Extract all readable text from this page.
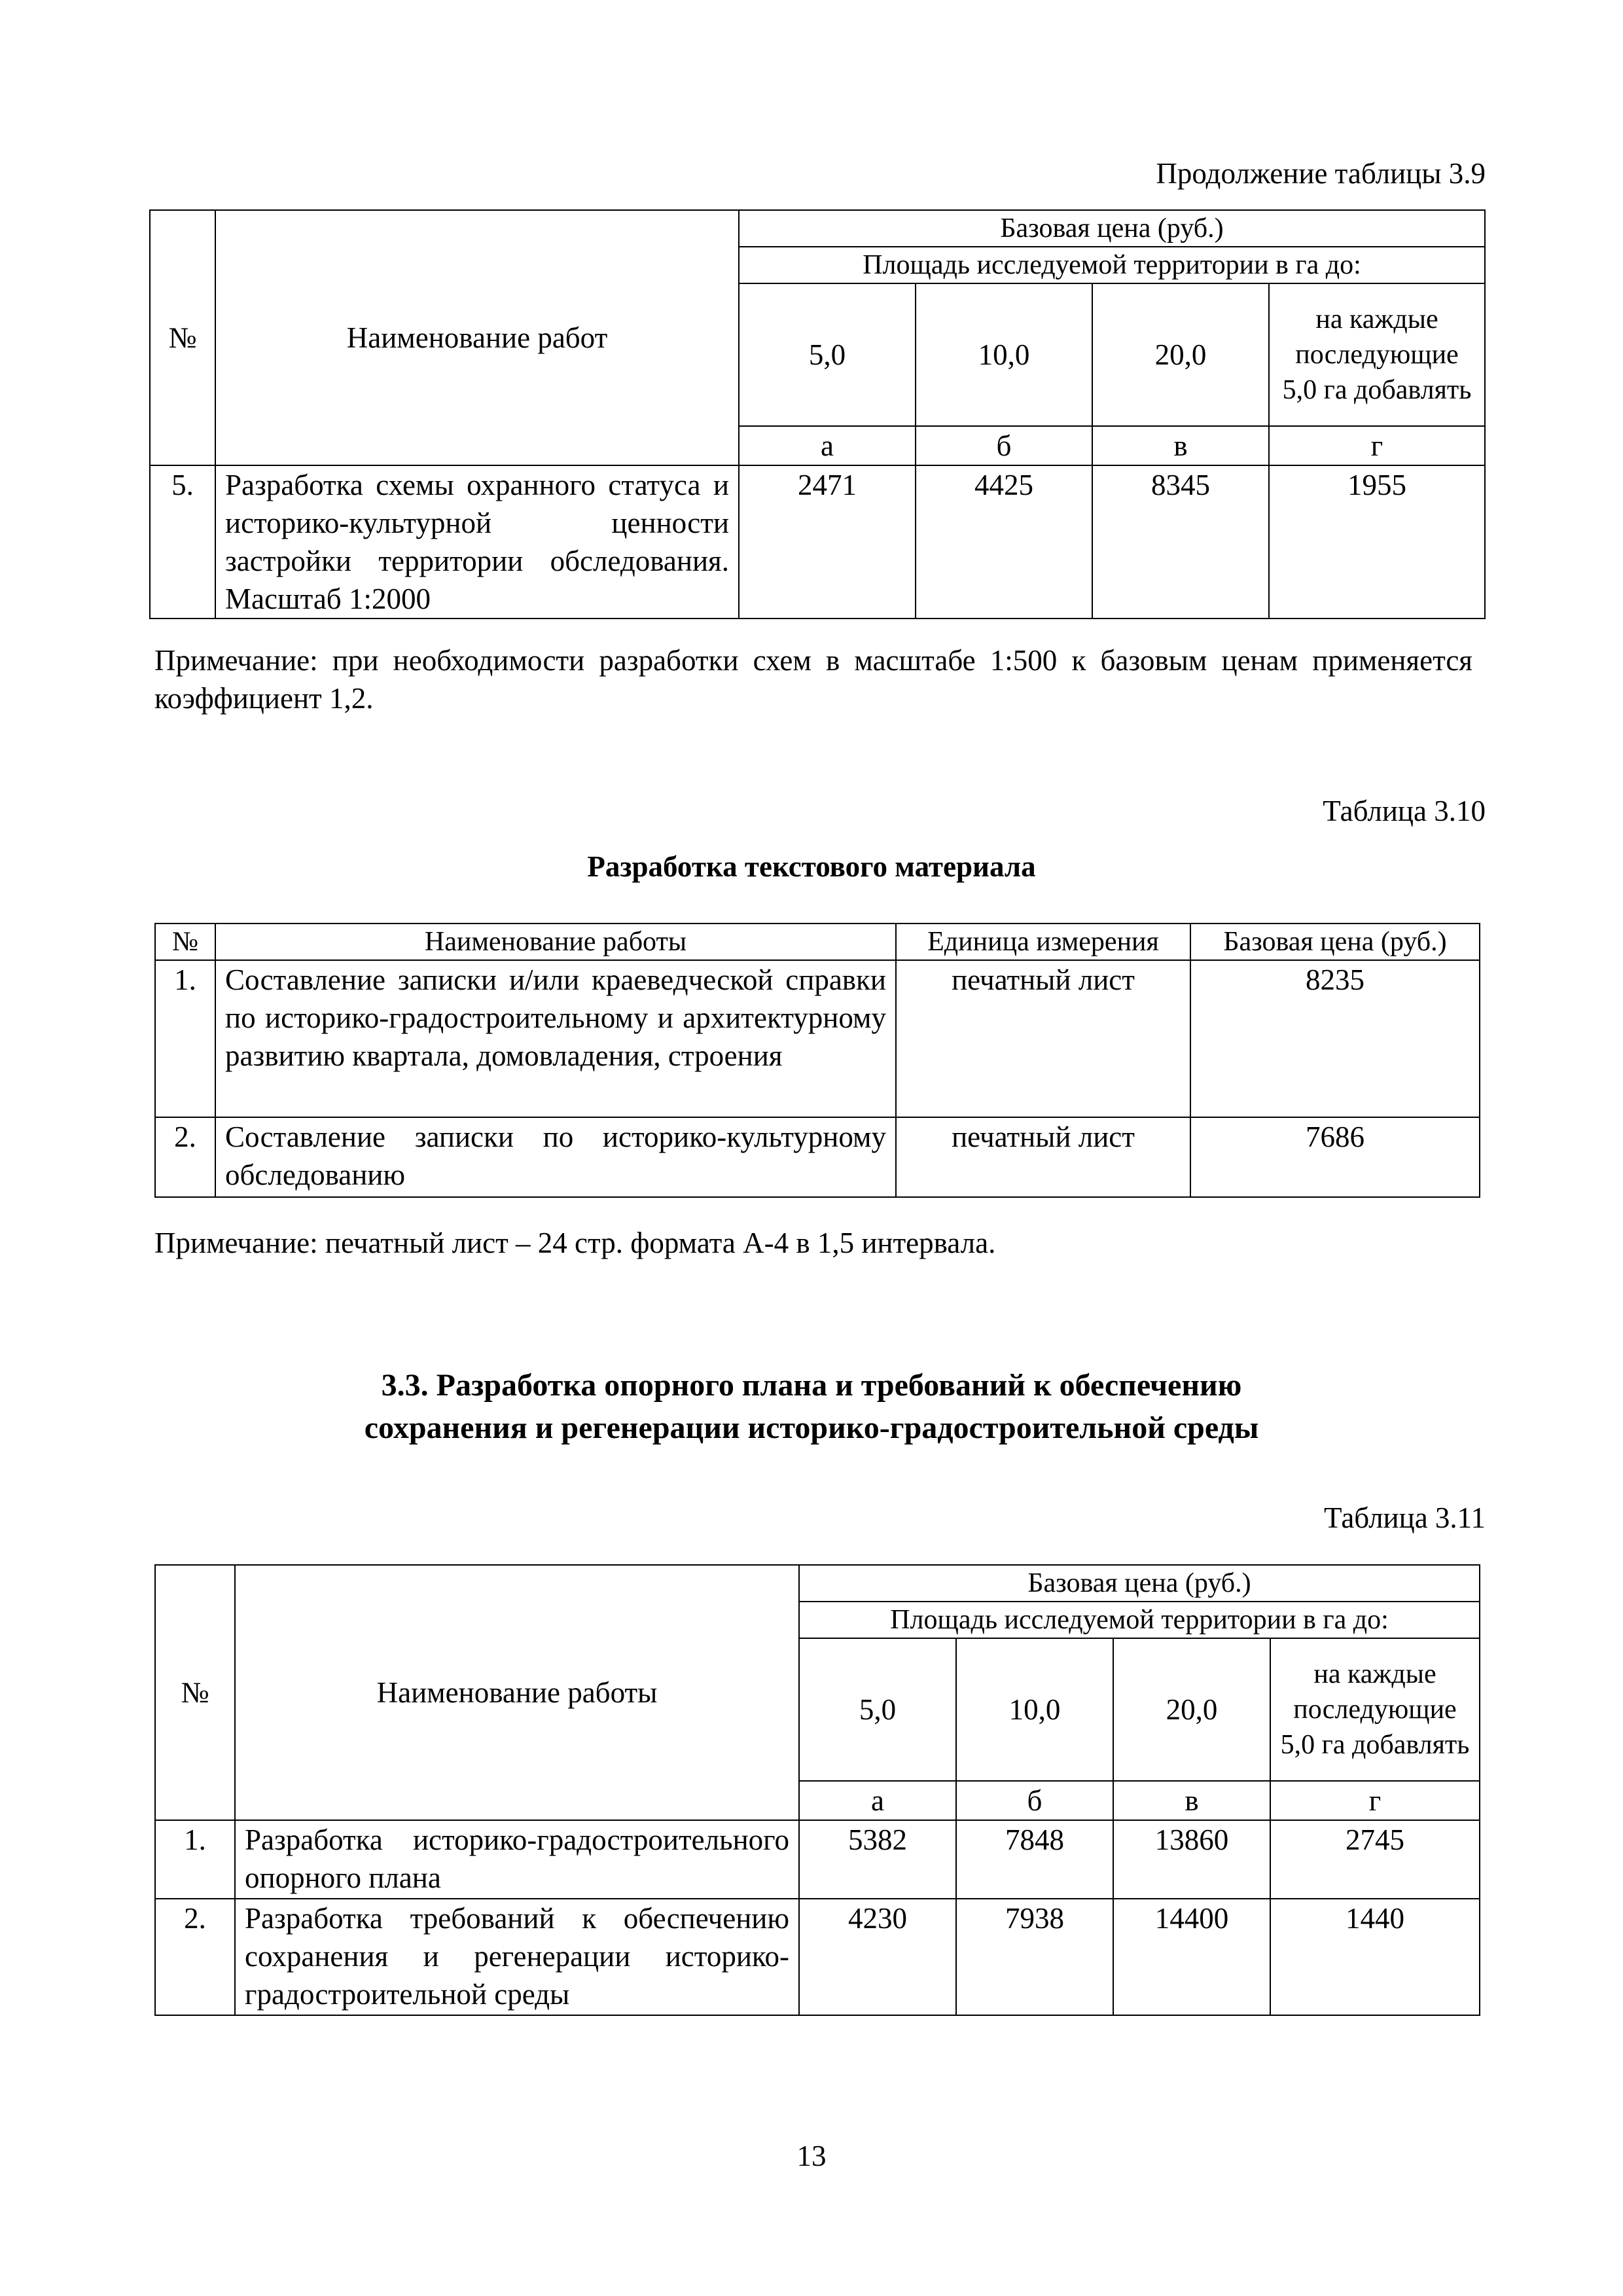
Продолжение таблицы 3.9
№	Наименование работ	Базовая цена (руб.)			
		Площадь исследуемой территории в га до:			
		5,0	10,0	20,0	на каждые последующие 5,0 га добавлять
		а	б	в	г
5.	Разработка схемы охранного статуса и историко-культурной ценности застройки территории обследования. Масштаб 1:2000	2471	4425	8345	1955
Примечание: при необходимости разработки схем в масштабе 1:500 к базовым ценам применяется коэффициент 1,2.
Таблица 3.10
Разработка текстового материала
№	Наименование работы	Единица измерения	Базовая цена (руб.)
1.	Составление записки и/или краеведческой справки по историко-градостроительному и архитектурному развитию квартала, домовладения, строения	печатный лист	8235
2.	Составление записки по историко-культурному обследованию	печатный лист	7686
Примечание: печатный лист – 24 стр. формата А-4 в 1,5 интервала.
3.3. Разработка опорного плана и требований к обеспечению
сохранения и регенерации историко-градостроительной среды
Таблица 3.11
№	Наименование работы	Базовая цена (руб.)			
		Площадь исследуемой территории в га до:			
		5,0	10,0	20,0	на каждые последующие 5,0 га добавлять
		а	б	в	г
1.	Разработка историко-градостроительного опорного плана	5382	7848	13860	2745
2.	Разработка требований к обеспечению сохранения и регенерации историко-градостроительной среды	4230	7938	14400	1440
13
